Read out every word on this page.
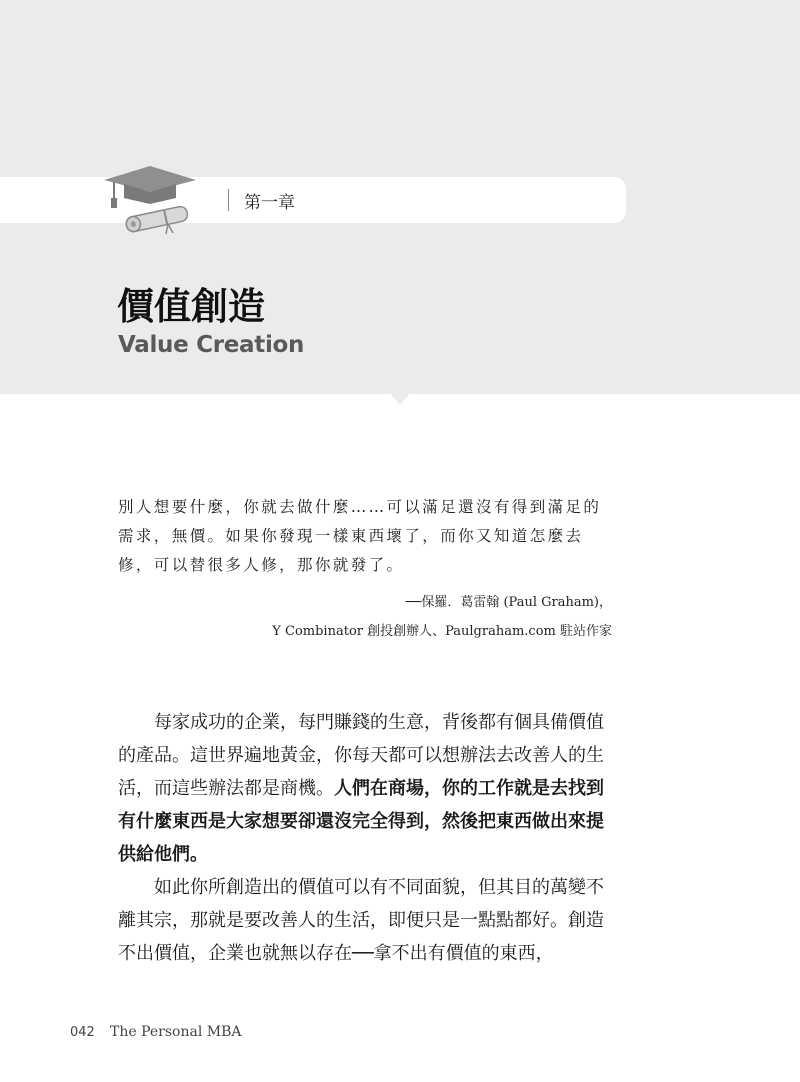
第一章
價值創造
Value Creation

別人想要什麼，你就去做什麼……可以滿足還沒有得到滿足的需求，無價。如果你發現一樣東西壞了，而你又知道怎麼去修，可以替很多人修，那你就發了。

──保羅．葛雷翰 (Paul Graham)，
Y Combinator 創投創辦人、Paulgraham.com 駐站作家

每家成功的企業，每門賺錢的生意，背後都有個具備價值的產品。這世界遍地黃金，你每天都可以想辦法去改善人的生活，而這些辦法都是商機。人們在商場，你的工作就是去找到有什麼東西是大家想要卻還沒完全得到，然後把東西做出來提供給他們。

如此你所創造出的價值可以有不同面貌，但其目的萬變不離其宗，那就是要改善人的生活，即便只是一點點都好。創造不出價值，企業也就無以存在──拿不出有價值的東西，

042 The Personal MBA
